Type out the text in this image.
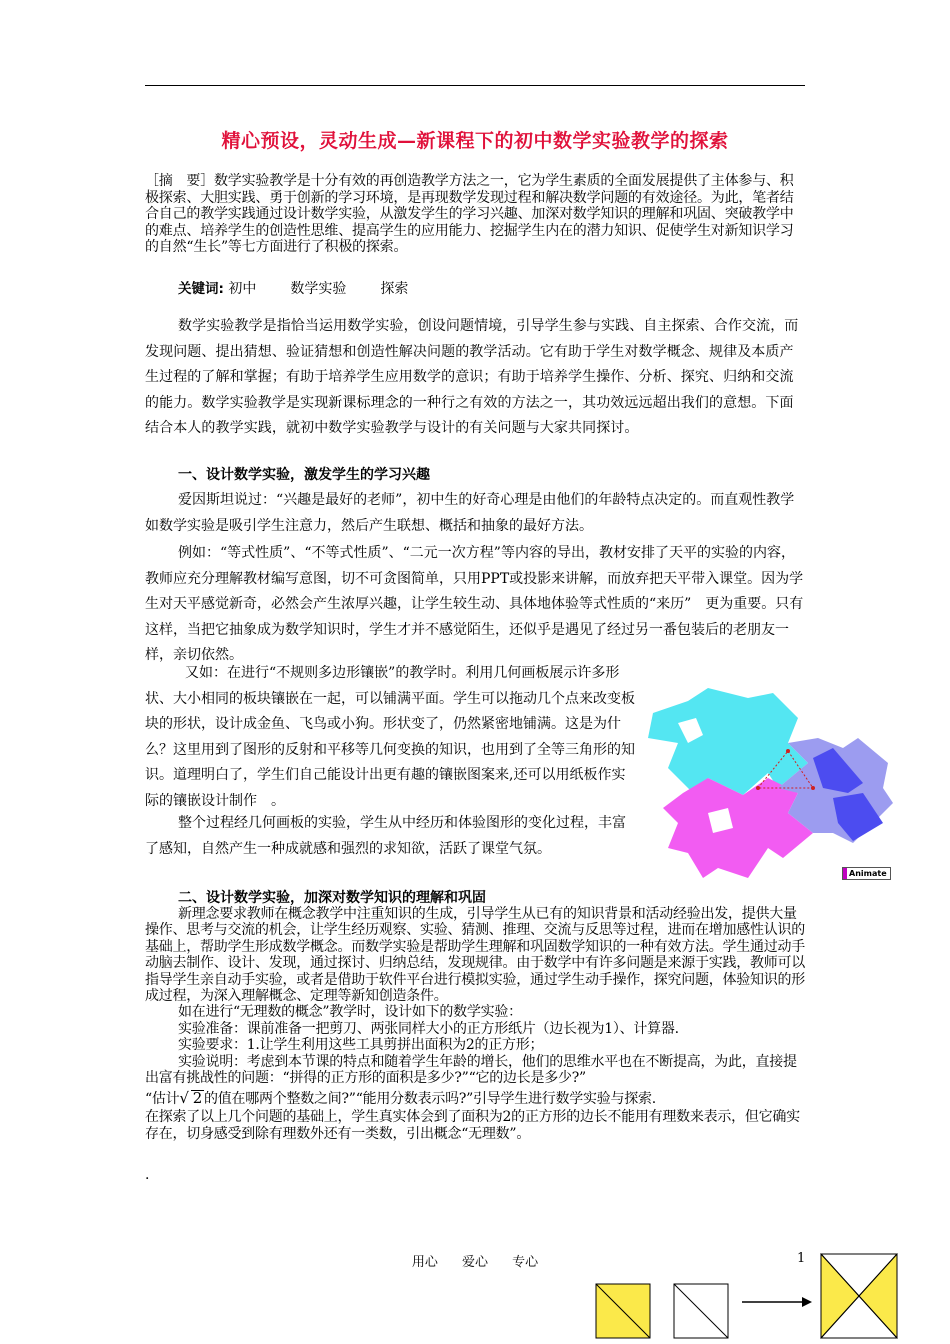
精心预设，灵动生成—新课程下的初中数学实验教学的探索
［摘　要］数学实验教学是十分有效的再创造教学方法之一，它为学生素质的全面发展提供了主体参与、积极探索、大胆实践、勇于创新的学习环境，是再现数学发现过程和解决数学问题的有效途径。为此，笔者结合自己的教学实践通过设计数学实验，从激发学生的学习兴趣、加深对数学知识的理解和巩固、突破教学中的难点、培养学生的创造性思维、提高学生的应用能力、挖掘学生内在的潜力知识、促使学生对新知识学习的自然“生长”等七方面进行了积极的探索。
关键词: 初中 数学实验 探索
数学实验教学是指恰当运用数学实验，创设问题情境，引导学生参与实践、自主探索、合作交流，而发现问题、提出猜想、验证猜想和创造性解决问题的教学活动。它有助于学生对数学概念、规律及本质产生过程的了解和掌握；有助于培养学生应用数学的意识；有助于培养学生操作、分析、探究、归纳和交流的能力。数学实验教学是实现新课标理念的一种行之有效的方法之一，其功效远远超出我们的意想。下面结合本人的教学实践，就初中数学实验教学与设计的有关问题与大家共同探讨。
一、设计数学实验，激发学生的学习兴趣
爱因斯坦说过：“兴趣是最好的老师”，初中生的好奇心理是由他们的年龄特点决定的。而直观性教学如数学实验是吸引学生注意力，然后产生联想、概括和抽象的最好方法。
例如：“等式性质”、“不等式性质”、“二元一次方程”等内容的导出，教材安排了天平的实验的内容，教师应充分理解教材编写意图，切不可贪图简单，只用PPT或投影来讲解，而放弃把天平带入课堂。因为学生对天平感觉新奇，必然会产生浓厚兴趣，让学生较生动、具体地体验等式性质的“来历”　更为重要。只有这样，当把它抽象成为数学知识时，学生才并不感觉陌生，还似乎是遇见了经过另一番包装后的老朋友一样，亲切依然。
又如：在进行“不规则多边形镶嵌”的教学时。利用几何画板展示许多形状、大小相同的板块镶嵌在一起，可以铺满平面。学生可以拖动几个点来改变板块的形状，设计成金鱼、飞鸟或小狗。形状变了，仍然紧密地铺满。这是为什么？这里用到了图形的反射和平移等几何变换的知识，也用到了全等三角形的知识。道理明白了，学生们自己能设计出更有趣的镶嵌图案来,还可以用纸板作实际的镶嵌设计制作　。
整个过程经几何画板的实验，学生从中经历和体验图形的变化过程，丰富了感知，自然产生一种成就感和强烈的求知欲，活跃了课堂气氛。
Animate
二、设计数学实验，加深对数学知识的理解和巩固

新理念要求教师在概念教学中注重知识的生成，引导学生从已有的知识背景和活动经验出发，提供大量操作、思考与交流的机会，让学生经历观察、实验、猜测、推理、交流与反思等过程，进而在增加感性认识的基础上，帮助学生形成数学概念。而数学实验是帮助学生理解和巩固数学知识的一种有效方法。学生通过动手动脑去制作、设计、发现，通过探讨、归纳总结，发现规律。由于数学中有许多问题是来源于实践，教师可以指导学生亲自动手实验，或者是借助于软件平台进行模拟实验，通过学生动手操作，探究问题，体验知识的形成过程，为深入理解概念、定理等新知创造条件。

如在进行“无理数的概念”教学时，设计如下的数学实验：

实验准备：课前准备一把剪刀、两张同样大小的正方形纸片（边长视为1）、计算器.

实验要求：1.让学生利用这些工具剪拼出面积为2的正方形；

实验说明：考虑到本节课的特点和随着学生年龄的增长，他们的思维水平也在不断提高，为此，直接提出富有挑战性的问题：“拼得的正方形的面积是多少?”“它的边长是多少?”

“估计√ 2 的值在哪两个整数之间?”“能用分数表示吗?”引导学生进行数学实验与探索.

在探索了以上几个问题的基础上，学生真实体会到了面积为2的正方形的边长不能用有理数来表示，但它确实存在，切身感受到除有理数外还有一类数，引出概念“无理数”。

·
用心 爱心 专心	1
